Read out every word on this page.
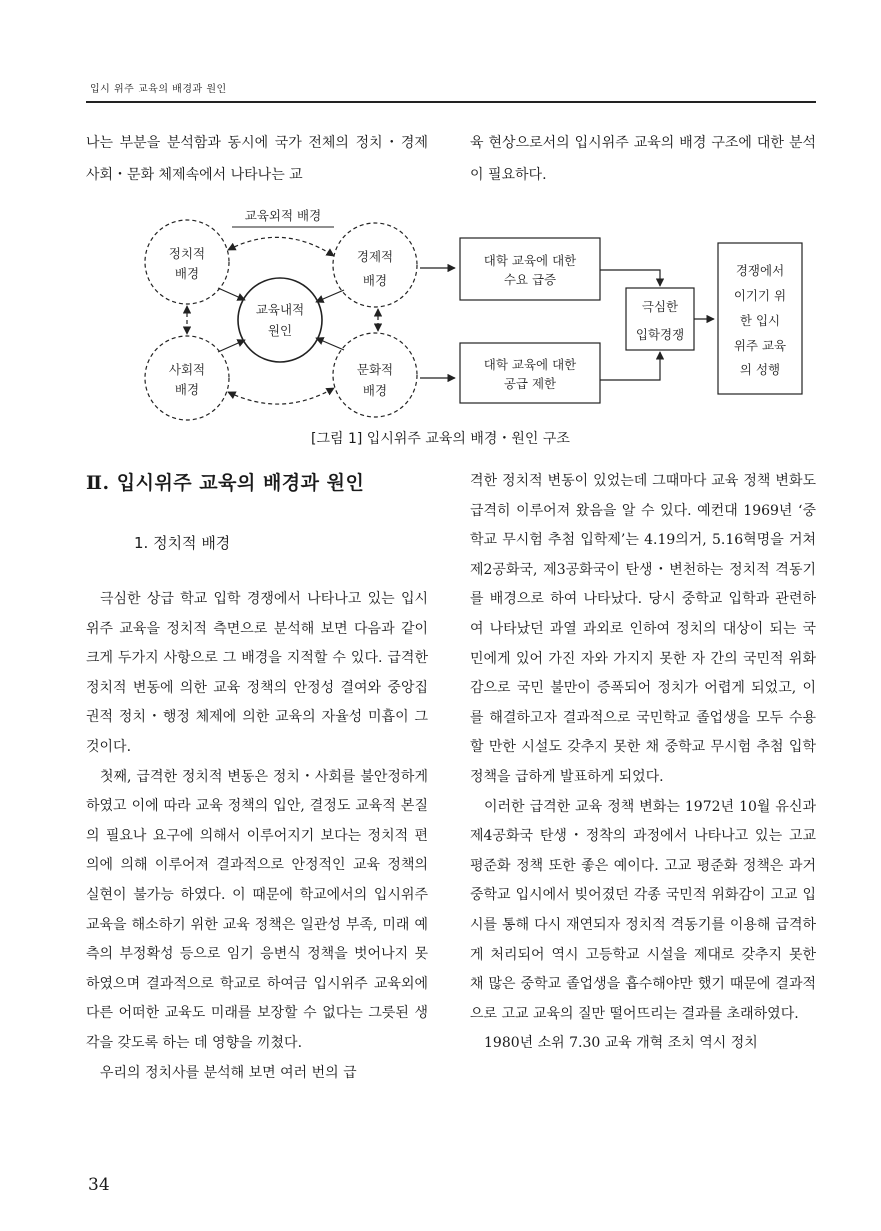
입시 위주 교육의 배경과 원인

나는 부분을 분석함과 동시에 국가 전체의 정치・경제 사회・문화 체제속에서 나타나는 교

육 현상으로서의 입시위주 교육의 배경 구조에 대한 분석이 필요하다.

교육외적 배경
정치적
배경
경제적
배경
교육내적
원인
사회적
배경
문화적
배경
대학 교육에 대한
수요 급증
대학 교육에 대한
공급 제한
극심한
입학경쟁
경쟁에서
이기기 위
한 입시
위주 교육
의 성행
[그림 1] 입시위주 교육의 배경・원인 구조
Ⅱ. 입시위주 교육의 배경과 원인
1. 정치적 배경

극심한 상급 학교 입학 경쟁에서 나타나고 있는 입시위주 교육을 정치적 측면으로 분석해 보면 다음과 같이 크게 두가지 사항으로 그 배경을 지적할 수 있다. 급격한 정치적 변동에 의한 교육 정책의 안정성 결여와 중앙집권적 정치・행정 체제에 의한 교육의 자율성 미흡이 그것이다.

첫째, 급격한 정치적 변동은 정치・사회를 불안정하게 하였고 이에 따라 교육 정책의 입안, 결정도 교육적 본질의 필요나 요구에 의해서 이루어지기 보다는 정치적 편의에 의해 이루어져 결과적으로 안정적인 교육 정책의 실현이 불가능 하였다. 이 때문에 학교에서의 입시위주 교육을 해소하기 위한 교육 정책은 일관성 부족, 미래 예측의 부정확성 등으로 임기 응변식 정책을 벗어나지 못하였으며 결과적으로 학교로 하여금 입시위주 교육외에 다른 어떠한 교육도 미래를 보장할 수 없다는 그릇된 생각을 갖도록 하는 데 영향을 끼쳤다.

우리의 정치사를 분석해 보면 여러 번의 급

격한 정치적 변동이 있었는데 그때마다 교육 정책 변화도 급격히 이루어져 왔음을 알 수 있다. 예컨대 1969년 ‘중학교 무시험 추첨 입학제’는 4.19의거, 5.16혁명을 거쳐 제2공화국, 제3공화국이 탄생・변천하는 정치적 격동기를 배경으로 하여 나타났다. 당시 중학교 입학과 관련하여 나타났던 과열 과외로 인하여 정치의 대상이 되는 국민에게 있어 가진 자와 가지지 못한 자 간의 국민적 위화감으로 국민 불만이 증폭되어 정치가 어렵게 되었고, 이를 해결하고자 결과적으로 국민학교 졸업생을 모두 수용할 만한 시설도 갖추지 못한 채 중학교 무시험 추첨 입학 정책을 급하게 발표하게 되었다.

이러한 급격한 교육 정책 변화는 1972년 10월 유신과 제4공화국 탄생・정착의 과정에서 나타나고 있는 고교 평준화 정책 또한 좋은 예이다. 고교 평준화 정책은 과거 중학교 입시에서 빚어졌던 각종 국민적 위화감이 고교 입시를 통해 다시 재연되자 정치적 격동기를 이용해 급격하게 처리되어 역시 고등학교 시설을 제대로 갖추지 못한 채 많은 중학교 졸업생을 흡수해야만 했기 때문에 결과적으로 고교 교육의 질만 떨어뜨리는 결과를 초래하였다.

1980년 소위 7.30 교육 개혁 조치 역시 정치

34
